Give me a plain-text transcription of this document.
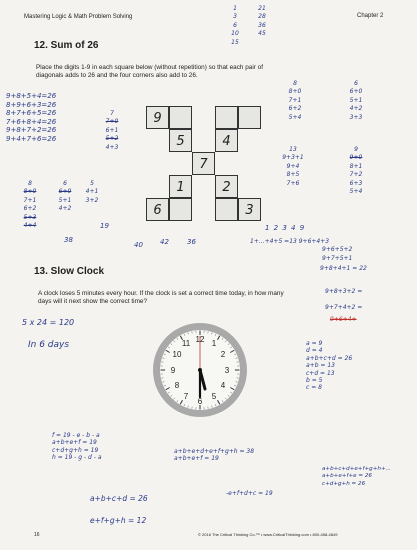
Mastering Logic & Math Problem Solving	Chapter 2
1
3
6
10
15
21
28
36
45
12. Sum of 26
Place the digits 1-9 in each square below (without repetition) so that each pair of diagonals adds to 26 and the four corners also add to 26.
9+8+5+4=26
8+9+6+3=26
8+7+6+5=26
7+6+8+4=26
9+8+7+2=26
9+4+7+6=26
7
7+0
6+1
5+2
4+3
8
8+0
7+1
6+2
5+3
4+4
6
6+0
5+1
4+2
5
4+1
3+2
38
19
40 42	36
9
5	4
7
1	2
6	3
8
8+0
7+1
6+2
5+4
6
6+0
5+1
4+2
3+3
13
9+3+1
9+4
8+5
7+6
9
9+0
8+1
7+2
6+3
5+4
1 2 3 4 9
1+...+4+5 =13 9+6+4+3
9+6+5+2
9+7+5+1
9+8+4+1 = 22
9+8+3+2 =
9+7+4+2 =
9+6+4+
13. Slow Clock
A clock loses 5 minutes every hour. If the clock is set a correct time today, in how many days will it next show the correct time?
5 x 24 = 120
In 6 days
12 1
2
3
4
5
6
7
8
9
10
11	a = 9
d = 4
a+b+c+d = 26
a+b = 13
c+d = 13
b = 5
c = 8
f = 19 - e - b - a
a+b+e+f = 19
c+d+g+h = 19
h = 19 - g - d - a
a+b+e+d+e+f+g+h = 38
a+b+e+f = 19
a+b+c+d+e+f+g+h+...
a+b+e+f+e = 26
c+d+g+h = 26
a+b+c+d = 26
e+f+g+h = 12
-e+f+d+c = 19
16	© 2016 The Critical Thinking Co.™ • www.CriticalThinking.com • 800-458-4849
